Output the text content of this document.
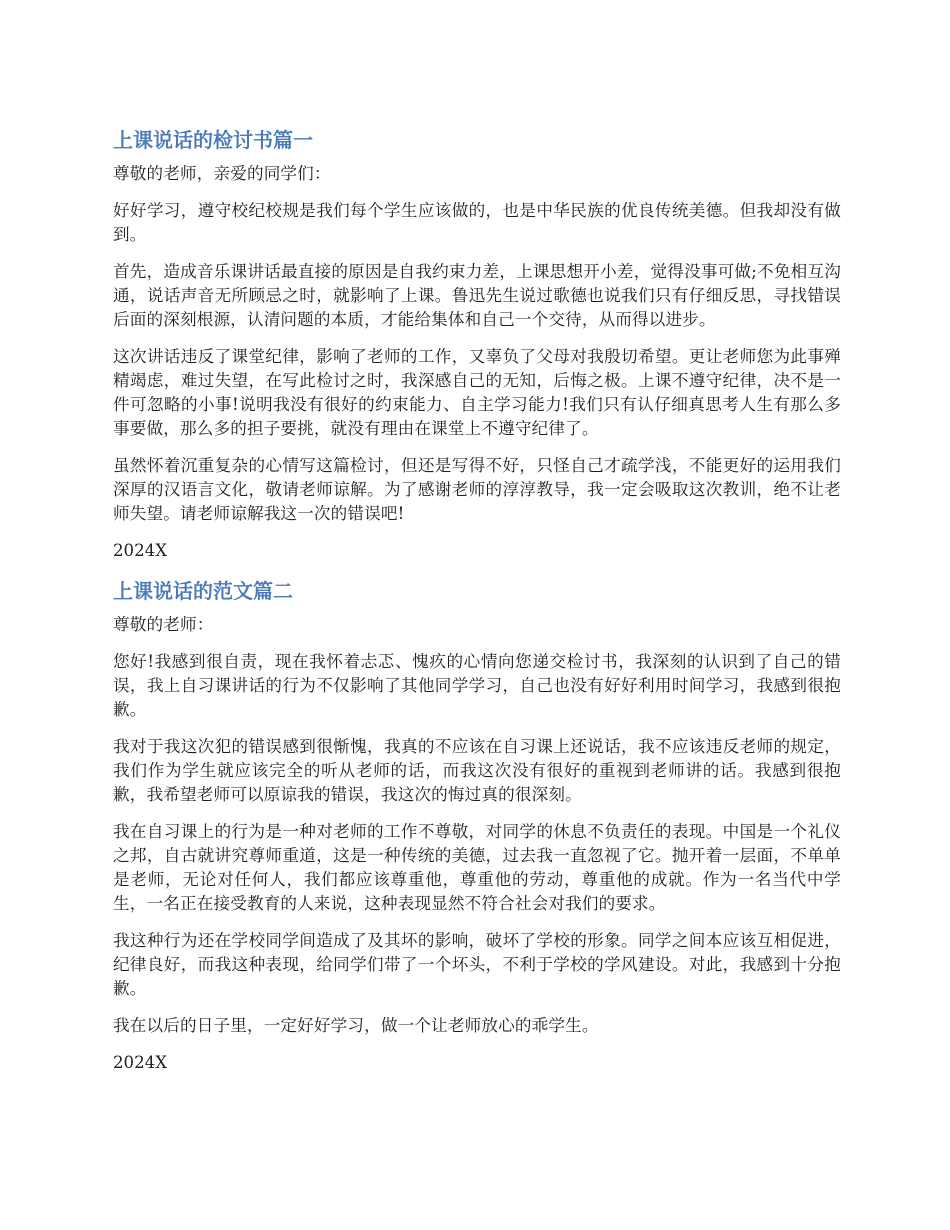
上课说话的检讨书篇一

尊敬的老师，亲爱的同学们：

好好学习，遵守校纪校规是我们每个学生应该做的，也是中华民族的优良传统美德。但我却没有做到。

首先，造成音乐课讲话最直接的原因是自我约束力差，上课思想开小差，觉得没事可做;不免相互沟通，说话声音无所顾忌之时，就影响了上课。鲁迅先生说过歌德也说我们只有仔细反思，寻找错误后面的深刻根源，认清问题的本质，才能给集体和自己一个交待，从而得以进步。

这次讲话违反了课堂纪律，影响了老师的工作，又辜负了父母对我殷切希望。更让老师您为此事殚精竭虑，难过失望，在写此检讨之时，我深感自己的无知，后悔之极。上课不遵守纪律，决不是一件可忽略的小事!说明我没有很好的约束能力、自主学习能力!我们只有认仔细真思考人生有那么多事要做，那么多的担子要挑，就没有理由在课堂上不遵守纪律了。

虽然怀着沉重复杂的心情写这篇检讨，但还是写得不好，只怪自己才疏学浅，不能更好的运用我们深厚的汉语言文化，敬请老师谅解。为了感谢老师的淳淳教导，我一定会吸取这次教训，绝不让老师失望。请老师谅解我这一次的错误吧!

2024X

上课说话的范文篇二

尊敬的老师：

您好!我感到很自责，现在我怀着忐忑、愧疚的心情向您递交检讨书，我深刻的认识到了自己的错误，我上自习课讲话的行为不仅影响了其他同学学习，自己也没有好好利用时间学习，我感到很抱歉。

我对于我这次犯的错误感到很惭愧，我真的不应该在自习课上还说话，我不应该违反老师的规定，我们作为学生就应该完全的听从老师的话，而我这次没有很好的重视到老师讲的话。我感到很抱歉，我希望老师可以原谅我的错误，我这次的悔过真的很深刻。

我在自习课上的行为是一种对老师的工作不尊敬，对同学的休息不负责任的表现。中国是一个礼仪之邦，自古就讲究尊师重道，这是一种传统的美德，过去我一直忽视了它。抛开着一层面，不单单是老师，无论对任何人，我们都应该尊重他，尊重他的劳动，尊重他的成就。作为一名当代中学生，一名正在接受教育的人来说，这种表现显然不符合社会对我们的要求。

我这种行为还在学校同学间造成了及其坏的影响，破坏了学校的形象。同学之间本应该互相促进，纪律良好，而我这种表现，给同学们带了一个坏头，不利于学校的学风建设。对此，我感到十分抱歉。

我在以后的日子里，一定好好学习，做一个让老师放心的乖学生。

2024X
